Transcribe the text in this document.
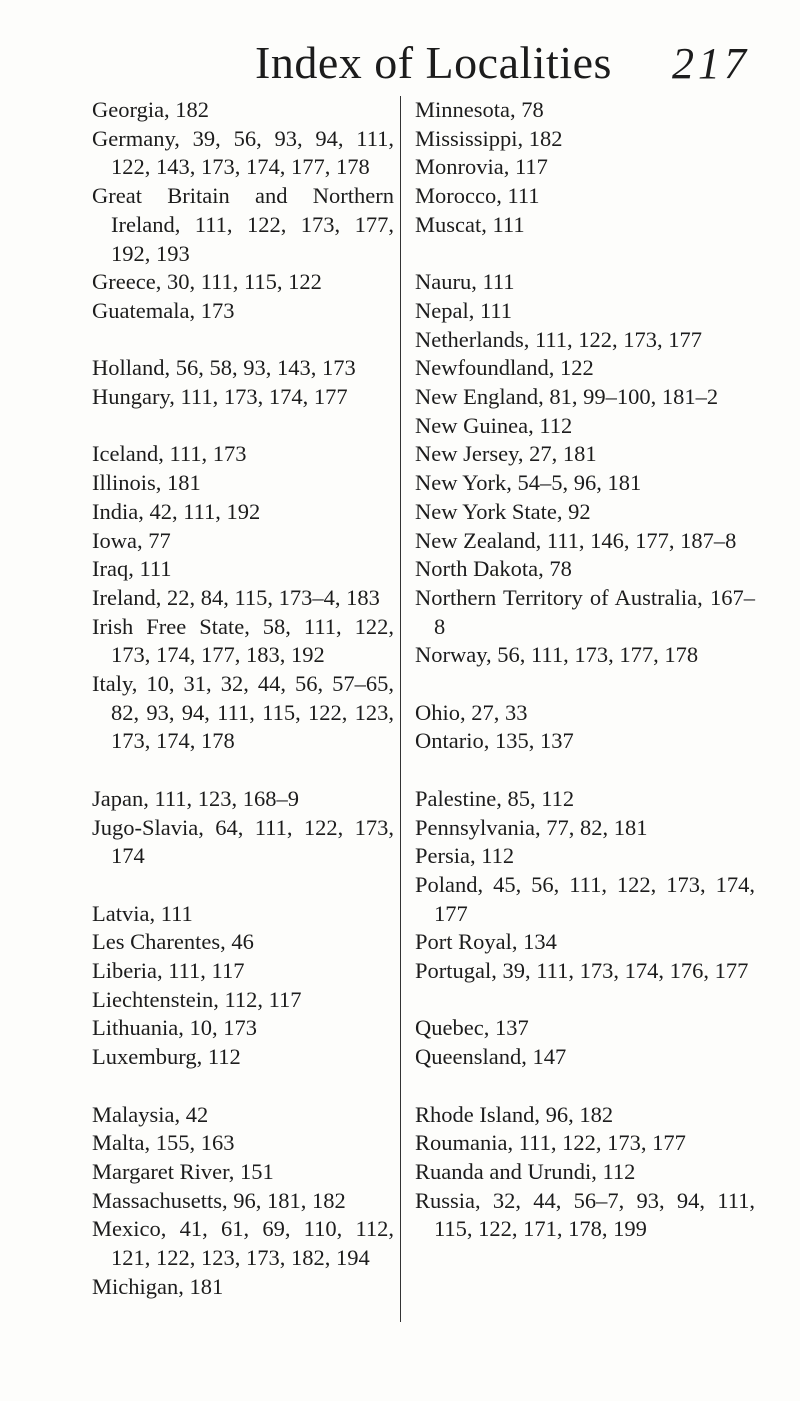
Index of Localities 217
Georgia, 182
Germany, 39, 56, 93, 94, 111, 122, 143, 173, 174, 177, 178
Great Britain and Northern Ireland, 111, 122, 173, 177, 192, 193
Greece, 30, 111, 115, 122
Guatemala, 173
Holland, 56, 58, 93, 143, 173
Hungary, 111, 173, 174, 177
Iceland, 111, 173
Illinois, 181
India, 42, 111, 192
Iowa, 77
Iraq, 111
Ireland, 22, 84, 115, 173–4, 183
Irish Free State, 58, 111, 122, 173, 174, 177, 183, 192
Italy, 10, 31, 32, 44, 56, 57–65, 82, 93, 94, 111, 115, 122, 123, 173, 174, 178
Japan, 111, 123, 168–9
Jugo-Slavia, 64, 111, 122, 173, 174
Latvia, 111
Les Charentes, 46
Liberia, 111, 117
Liechtenstein, 112, 117
Lithuania, 10, 173
Luxemburg, 112
Malaysia, 42
Malta, 155, 163
Margaret River, 151
Massachusetts, 96, 181, 182
Mexico, 41, 61, 69, 110, 112, 121, 122, 123, 173, 182, 194
Michigan, 181
Minnesota, 78
Mississippi, 182
Monrovia, 117
Morocco, 111
Muscat, 111
Nauru, 111
Nepal, 111
Netherlands, 111, 122, 173, 177
Newfoundland, 122
New England, 81, 99–100, 181–2
New Guinea, 112
New Jersey, 27, 181
New York, 54–5, 96, 181
New York State, 92
New Zealand, 111, 146, 177, 187–8
North Dakota, 78
Northern Territory of Australia, 167–8
Norway, 56, 111, 173, 177, 178
Ohio, 27, 33
Ontario, 135, 137
Palestine, 85, 112
Pennsylvania, 77, 82, 181
Persia, 112
Poland, 45, 56, 111, 122, 173, 174, 177
Port Royal, 134
Portugal, 39, 111, 173, 174, 176, 177
Quebec, 137
Queensland, 147
Rhode Island, 96, 182
Roumania, 111, 122, 173, 177
Ruanda and Urundi, 112
Russia, 32, 44, 56–7, 93, 94, 111, 115, 122, 171, 178, 199
